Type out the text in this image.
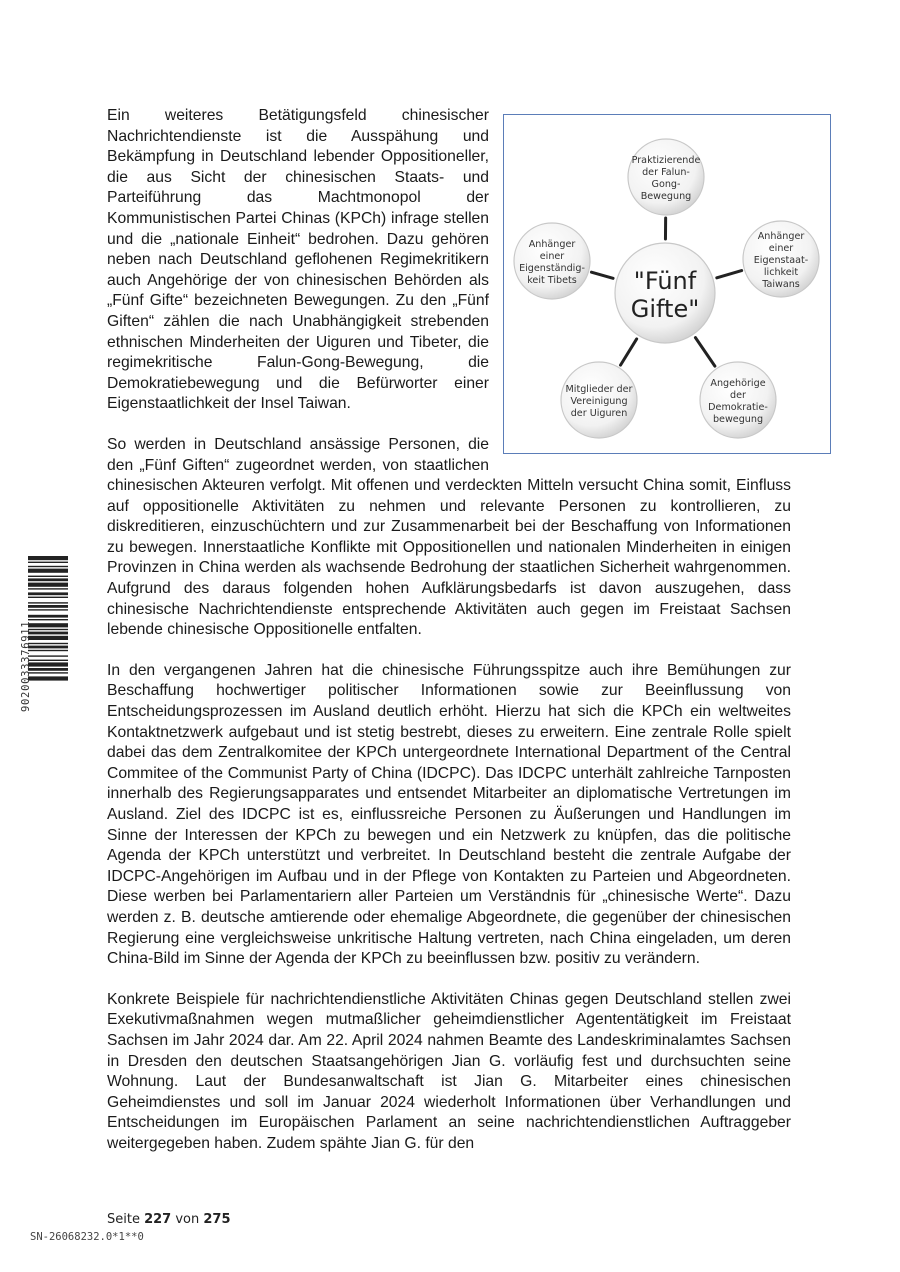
"Fünf Gifte"
Praktizierende der Falun-Gong-Bewegung
Anhänger einer Eigenstaat-lichkeit Taiwans
Angehörige der Demokratie-bewegung
Mitglieder der Vereinigung der Uiguren
Anhänger einer Eigenständig-keit Tibets

Ein weiteres Betätigungsfeld chinesischer Nachrichtendienste ist die Ausspähung und Bekämpfung in Deutschland lebender Oppositioneller, die aus Sicht der chinesischen Staats- und Parteiführung das Machtmonopol der Kommunistischen Partei Chinas (KPCh) infrage stellen und die „nationale Einheit“ bedrohen. Dazu gehören neben nach Deutschland geflohenen Regimekritikern auch Angehörige der von chinesischen Behörden als „Fünf Gifte“ bezeichneten Bewegungen. Zu den „Fünf Giften“ zählen die nach Unabhängigkeit strebenden ethnischen Minderheiten der Uiguren und Tibeter, die regimekritische Falun-Gong-Bewegung, die Demokratiebewegung und die Befürworter einer Eigenstaatlichkeit der Insel Taiwan.

So werden in Deutschland ansässige Personen, die den „Fünf Giften“ zugeordnet werden, von staatlichen chinesischen Akteuren verfolgt. Mit offenen und verdeckten Mitteln versucht China somit, Einfluss auf oppositionelle Aktivitäten zu nehmen und relevante Personen zu kontrollieren, zu diskreditieren, einzuschüchtern und zur Zusammenarbeit bei der Beschaffung von Informationen zu bewegen. Innerstaatliche Konflikte mit Oppositionellen und nationalen Minderheiten in einigen Provinzen in China werden als wachsende Bedrohung der staatlichen Sicherheit wahrgenommen. Aufgrund des daraus folgenden hohen Aufklärungsbedarfs ist davon auszugehen, dass chinesische Nachrichtendienste entsprechende Aktivitäten auch gegen im Freistaat Sachsen lebende chinesische Oppositionelle entfalten.

In den vergangenen Jahren hat die chinesische Führungsspitze auch ihre Bemühungen zur Beschaffung hochwertiger politischer Informationen sowie zur Beeinflussung von Entscheidungsprozessen im Ausland deutlich erhöht. Hierzu hat sich die KPCh ein weltweites Kontaktnetzwerk aufgebaut und ist stetig bestrebt, dieses zu erweitern. Eine zentrale Rolle spielt dabei das dem Zentralkomitee der KPCh untergeordnete International Department of the Central Commitee of the Communist Party of China (IDCPC). Das IDCPC unterhält zahlreiche Tarnposten innerhalb des Regierungsapparates und entsendet Mitarbeiter an diplomatische Vertretungen im Ausland. Ziel des IDCPC ist es, einflussreiche Personen zu Äußerungen und Handlungen im Sinne der Interessen der KPCh zu bewegen und ein Netzwerk zu knüpfen, das die politische Agenda der KPCh unterstützt und verbreitet. In Deutschland besteht die zentrale Aufgabe der IDCPC-Angehörigen im Aufbau und in der Pflege von Kontakten zu Parteien und Abgeordneten. Diese werben bei Parlamentariern aller Parteien um Verständnis für „chinesische Werte“. Dazu werden z. B. deutsche amtierende oder ehemalige Abgeordnete, die gegenüber der chinesischen Regierung eine vergleichsweise unkritische Haltung vertreten, nach China eingeladen, um deren China-Bild im Sinne der Agenda der KPCh zu beeinflussen bzw. positiv zu verändern.

Konkrete Beispiele für nachrichtendienstliche Aktivitäten Chinas gegen Deutschland stellen zwei Exekutivmaßnahmen wegen mutmaßlicher geheimdienstlicher Agententätigkeit im Freistaat Sachsen im Jahr 2024 dar. Am 22. April 2024 nahmen Beamte des Landeskriminalamtes Sachsen in Dresden den deutschen Staatsangehörigen Jian G. vorläufig fest und durchsuchten seine Wohnung. Laut der Bundesanwaltschaft ist Jian G. Mitarbeiter eines chinesischen Geheimdienstes und soll im Januar 2024 wiederholt Informationen über Verhandlungen und Entscheidungen im Europäischen Parlament an seine nachrichtendienstlichen Auftraggeber weitergegeben haben. Zudem spähte Jian G. für den

9020033376911
Seite 227 von 275
SN-26068232.0*1**0
